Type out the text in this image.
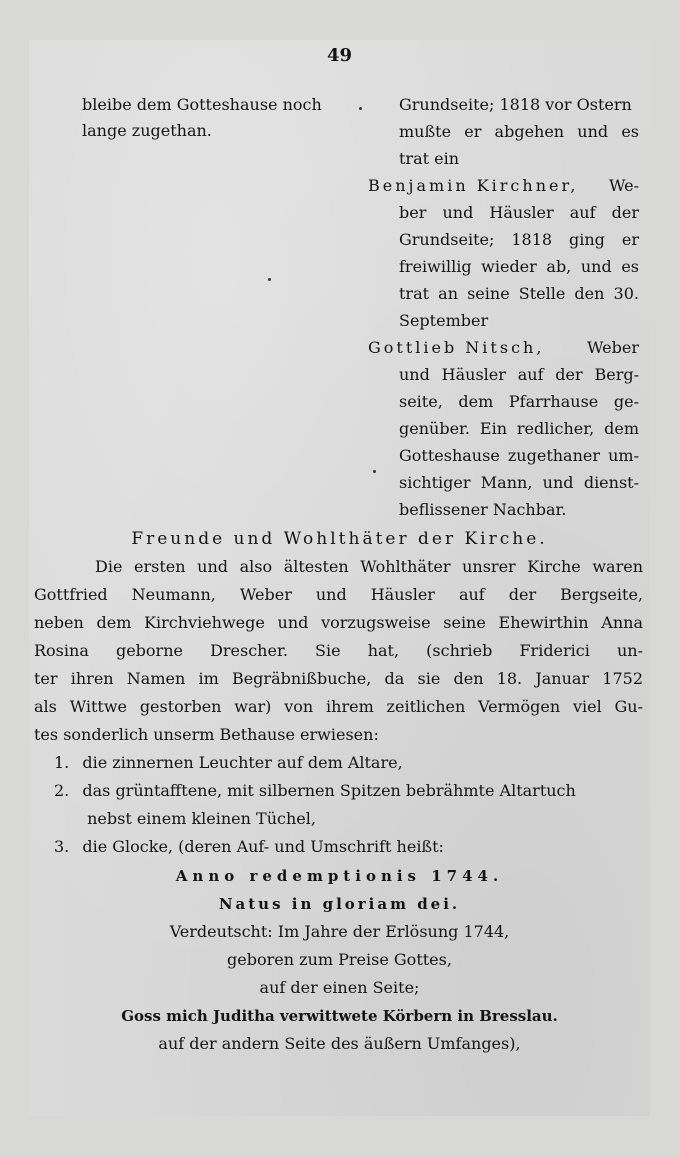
49
bleibe dem Gotteshause noch
lange zugethan.
Grundseite; 1818 vor Ostern
mußte er abgehen und es
trat ein
Benjamin Kirchner, We-
ber und Häusler auf der
Grundseite; 1818 ging er
freiwillig wieder ab, und es
trat an seine Stelle den 30.
September
Gottlieb Nitsch,	Weber
und Häusler auf der Berg-
seite, dem Pfarrhause ge-
genüber. Ein redlicher, dem
Gotteshause zugethaner um-
sichtiger Mann, und dienst-
beflissener Nachbar.
Freunde und Wohlthäter der Kirche.
Die ersten und also ältesten Wohlthäter unsrer Kirche waren
Gottfried Neumann, Weber und Häusler auf der Bergseite,
neben dem Kirchviehwege und vorzugsweise seine Ehewirthin Anna
Rosina geborne Drescher. Sie hat, (schrieb Friderici un-
ter ihren Namen im Begräbnißbuche, da sie den 18. Januar 1752
als Wittwe gestorben war) von ihrem zeitlichen Vermögen viel Gu-
tes sonderlich unserm Bethause erwiesen:
1. die zinnernen Leuchter auf dem Altare,
2. das grüntafftene, mit silbernen Spitzen bebrähmte Altartuch
nebst einem kleinen Tüchel,
3. die Glocke, (deren Auf- und Umschrift heißt:
Anno redemptionis 1744.
Natus in gloriam dei.
Verdeutscht: Im Jahre der Erlösung 1744,
geboren zum Preise Gottes,
auf der einen Seite;
Goss mich Juditha verwittwete Körbern in Bresslau.
auf der andern Seite des äußern Umfanges),
